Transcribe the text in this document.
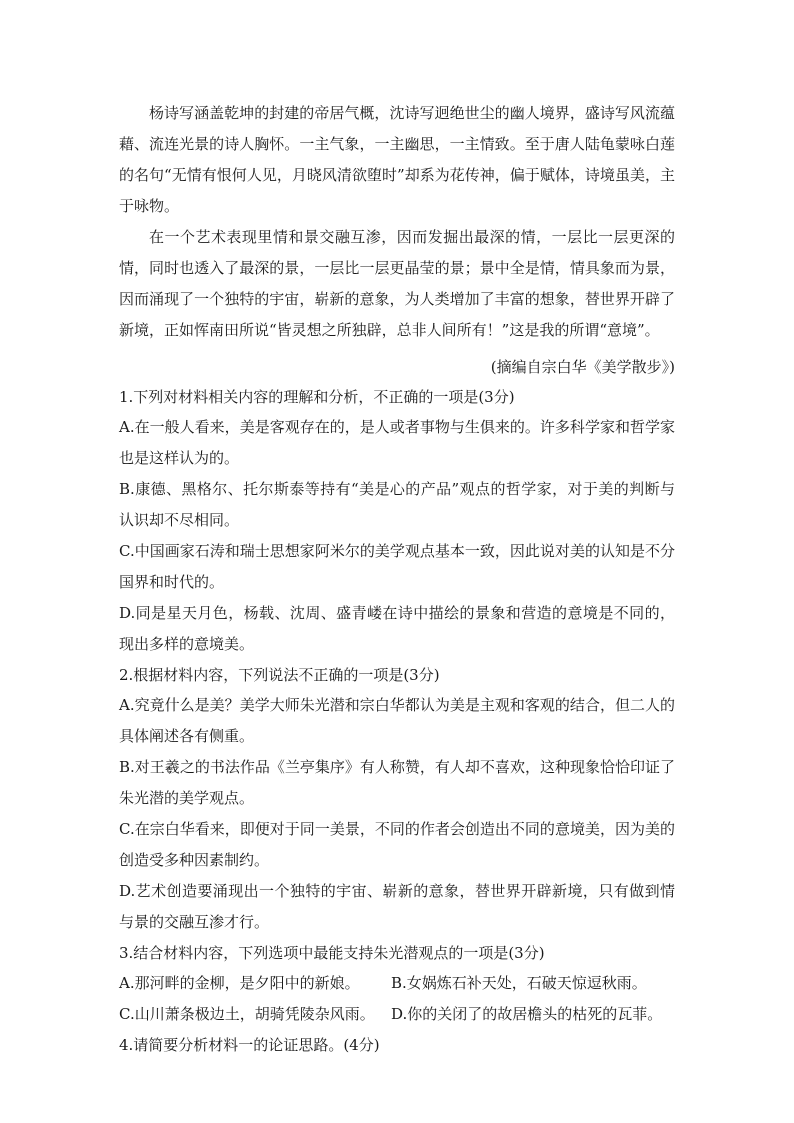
杨诗写涵盖乾坤的封建的帝居气概，沈诗写迥绝世尘的幽人境界，盛诗写风流蕴藉、流连光景的诗人胸怀。一主气象，一主幽思，一主情致。至于唐人陆龟蒙咏白莲的名句“无情有恨何人见，月晓风清欲堕时”却系为花传神，偏于赋体，诗境虽美，主于咏物。

在一个艺术表现里情和景交融互渗，因而发掘出最深的情，一层比一层更深的情，同时也透入了最深的景，一层比一层更晶莹的景；景中全是情，情具象而为景，因而涌现了一个独特的宇宙，崭新的意象，为人类增加了丰富的想象，替世界开辟了新境，正如恽南田所说“皆灵想之所独辟，总非人间所有！”这是我的所谓“意境”。

(摘编自宗白华《美学散步》)

1.下列对材料相关内容的理解和分析，不正确的一项是(3分)

A.在一般人看来，美是客观存在的，是人或者事物与生俱来的。许多科学家和哲学家也是这样认为的。

B.康德、黑格尔、托尔斯泰等持有“美是心的产品”观点的哲学家，对于美的判断与认识却不尽相同。

C.中国画家石涛和瑞士思想家阿米尔的美学观点基本一致，因此说对美的认知是不分国界和时代的。

D.同是星天月色，杨载、沈周、盛青嵝在诗中描绘的景象和营造的意境是不同的，现出多样的意境美。

2.根据材料内容，下列说法不正确的一项是(3分)

A.究竟什么是美？美学大师朱光潜和宗白华都认为美是主观和客观的结合，但二人的具体阐述各有侧重。

B.对王羲之的书法作品《兰亭集序》有人称赞，有人却不喜欢，这种现象恰恰印证了朱光潜的美学观点。

C.在宗白华看来，即便对于同一美景，不同的作者会创造出不同的意境美，因为美的创造受多种因素制约。

D.艺术创造要涌现出一个独特的宇宙、崭新的意象，替世界开辟新境，只有做到情与景的交融互渗才行。

3.结合材料内容，下列选项中最能支持朱光潜观点的一项是(3分)

A.那河畔的金柳，是夕阳中的新娘。	B.女娲炼石补天处，石破天惊逗秋雨。
C.山川萧条极边土，胡骑凭陵杂风雨。	D.你的关闭了的故居檐头的枯死的瓦菲。

4.请简要分析材料一的论证思路。(4分)
